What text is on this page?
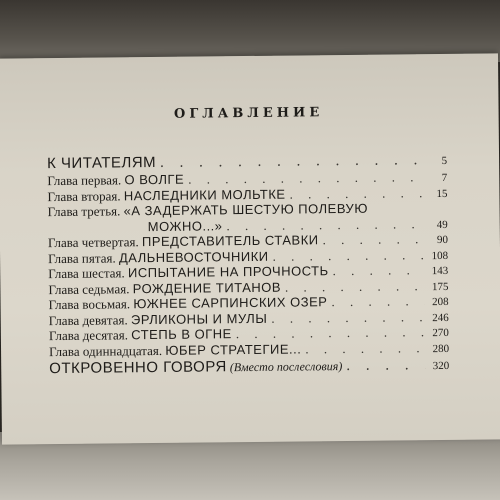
ОГЛАВЛЕНИЕ
К ЧИТАТЕЛЯМ . . .	5
Глава первая. О ВОЛГЕ . . .	7
Глава вторая. НАСЛЕДНИКИ МОЛЬТКЕ . . .	15
Глава третья. «А ЗАДЕРЖАТЬ ШЕСТУЮ ПОЛЕВУЮ
МОЖНО...» . . .	49
Глава четвертая. ПРЕДСТАВИТЕЛЬ СТАВКИ . . .	90
Глава пятая. ДАЛЬНЕВОСТОЧНИКИ . . .	108
Глава шестая. ИСПЫТАНИЕ НА ПРОЧНОСТЬ . . .	143
Глава седьмая. РОЖДЕНИЕ ТИТАНОВ . . .	175
Глава восьмая. ЮЖНЕЕ САРПИНСКИХ ОЗЕР . . .	208
Глава девятая. ЭРЛИКОНЫ И МУЛЫ . . .	246
Глава десятая. СТЕПЬ В ОГНЕ . . .	270
Глава одиннадцатая. ЮБЕР СТРАТЕГИЕ... . . .	280
ОТКРОВЕННО ГОВОРЯ (Вместо послесловия) . . .	320
